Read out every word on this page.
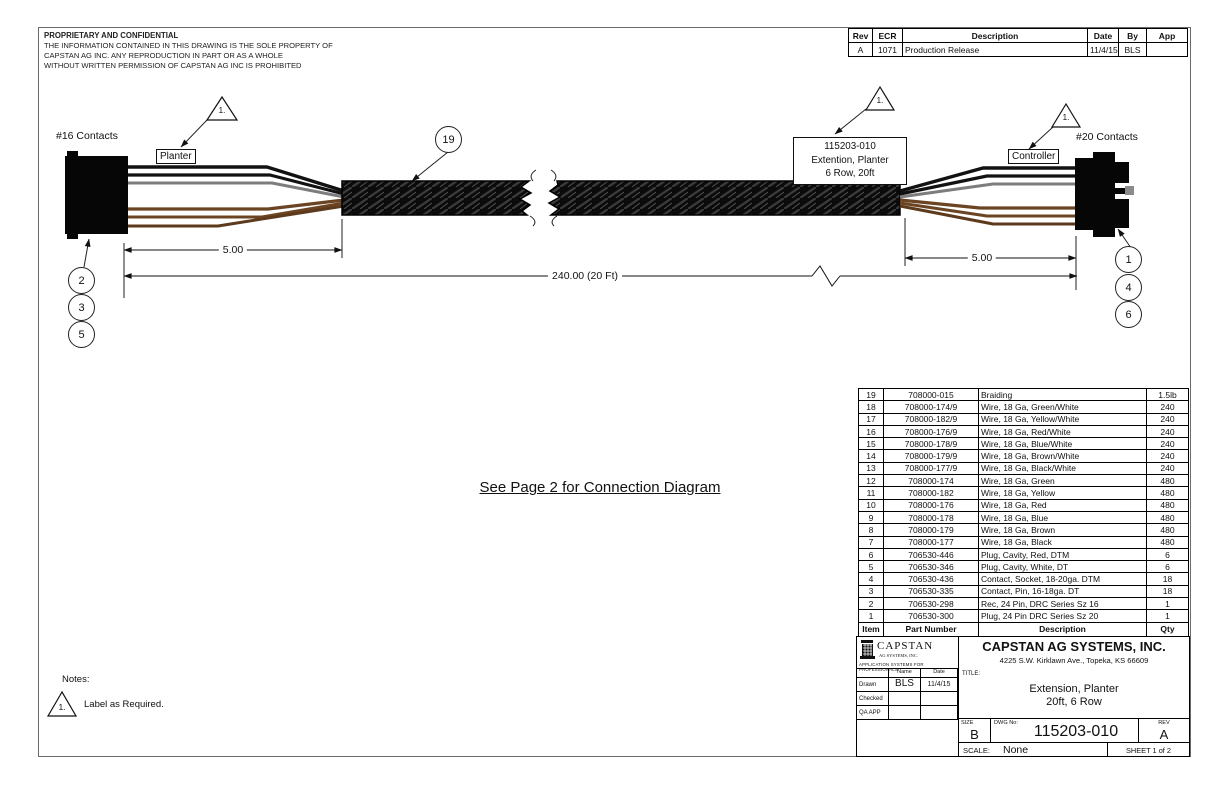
PROPRIETARY AND CONFIDENTIAL
THE INFORMATION CONTAINED IN THIS DRAWING IS THE SOLE PROPERTY OF
CAPSTAN AG INC. ANY REPRODUCTION IN PART OR AS A WHOLE
WITHOUT WRITTEN PERMISSION OF CAPSTAN AG INC IS PROHIBITED
Rev	ECR	Description	Date	By	App
A	1071	Production Release	11/4/15	BLS	
#16 Contacts	#20 Contacts
Planter	Controller
115203-010
Extention, Planter
6 Row, 20ft
1.
1.
1.
19
2
3
5
1
4
6
5.00
5.00
240.00 (20 Ft)
See Page 2 for Connection Diagram
19	708000-015	Braiding	1.5lb
18	708000-174/9	Wire, 18 Ga, Green/White	240
17	708000-182/9	Wire, 18 Ga, Yellow/White	240
16	708000-176/9	Wire, 18 Ga, Red/White	240
15	708000-178/9	Wire, 18 Ga, Blue/White	240
14	708000-179/9	Wire, 18 Ga, Brown/White	240
13	708000-177/9	Wire, 18 Ga, Black/White	240
12	708000-174	Wire, 18 Ga, Green	480
11	708000-182	Wire, 18 Ga, Yellow	480
10	708000-176	Wire, 18 Ga, Red	480
9	708000-178	Wire, 18 Ga, Blue	480
8	708000-179	Wire, 18 Ga, Brown	480
7	708000-177	Wire, 18 Ga, Black	480
6	706530-446	Plug, Cavity, Red, DTM	6
5	706530-346	Plug, Cavity, White, DT	6
4	706530-436	Contact, Socket, 18-20ga. DTM	18
3	706530-335	Contact, Pin, 16-18ga. DT	18
2	706530-298	Rec, 24 Pin, DRC Series Sz 16	1
1	706530-300	Plug, 24 Pin DRC Series Sz 20	1
Item	Part Number	Description	Qty
Notes:
1.	Label as Required.
CAPSTAN
AG SYSTEMS, INC.
APPLICATION SYSTEMS FOR PROFESSIONALS
CAPSTAN AG SYSTEMS, INC.
4225 S.W. Kirklawn Ave., Topeka, KS 66609
Name	Date
Drawn	BLS	11/4/15
Checked
QA APP
TITLE:
Extension, Planter
20ft, 6 Row
SIZE
B
DWG No: 115203-010	REV
A
SCALE: None	SHEET 1 of 2
